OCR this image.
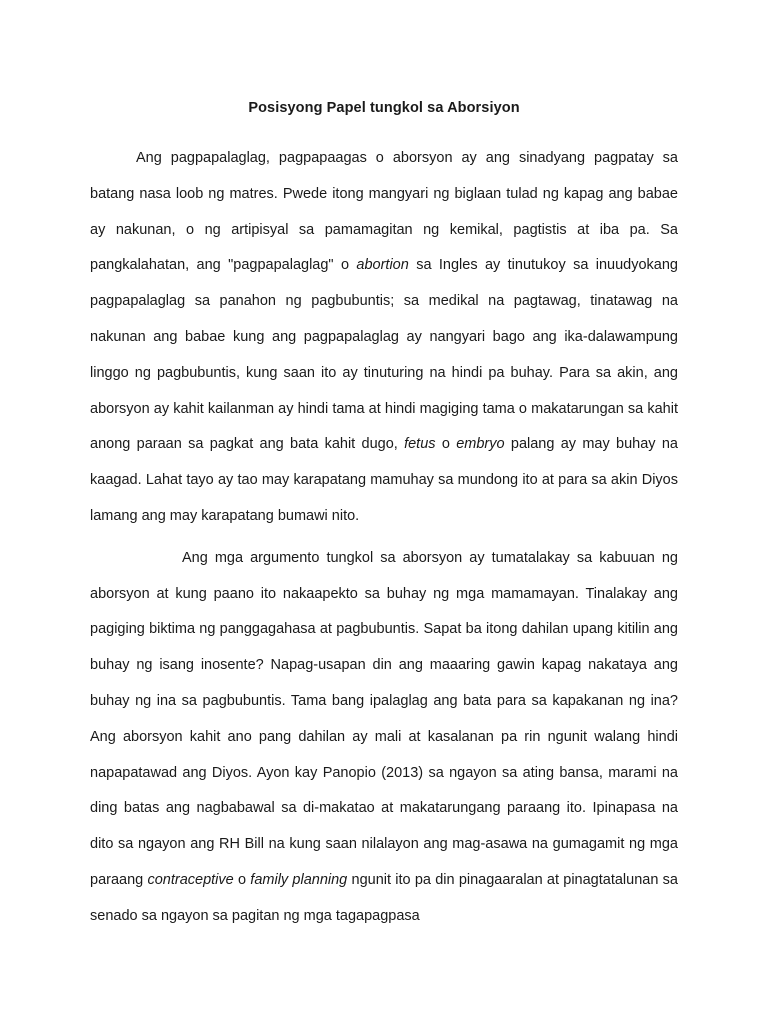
Posisyong Papel tungkol sa Aborsiyon

Ang pagpapalaglag, pagpapaagas o aborsyon ay ang sinadyang pagpatay sa batang nasa loob ng matres. Pwede itong mangyari ng biglaan tulad ng kapag ang babae ay nakunan, o ng artipisyal sa pamamagitan ng kemikal, pagtistis at iba pa. Sa pangkalahatan, ang "pagpapalaglag" o abortion sa Ingles ay tinutukoy sa inuudyokang pagpapalaglag sa panahon ng pagbubuntis; sa medikal na pagtawag, tinatawag na nakunan ang babae kung ang pagpapalaglag ay nangyari bago ang ika-dalawampung linggo ng pagbubuntis, kung saan ito ay tinuturing na hindi pa buhay. Para sa akin, ang aborsyon ay kahit kailanman ay hindi tama at hindi magiging tama o makatarungan sa kahit anong paraan sa pagkat ang bata kahit dugo, fetus o embryo palang ay may buhay na kaagad. Lahat tayo ay tao may karapatang mamuhay sa mundong ito at para sa akin Diyos lamang ang may karapatang bumawi nito.

Ang mga argumento tungkol sa aborsyon ay tumatalakay sa kabuuan ng aborsyon at kung paano ito nakaapekto sa buhay ng mga mamamayan. Tinalakay ang pagiging biktima ng panggagahasa at pagbubuntis. Sapat ba itong dahilan upang kitilin ang buhay ng isang inosente? Napag-usapan din ang maaaring gawin kapag nakataya ang buhay ng ina sa pagbubuntis. Tama bang ipalaglag ang bata para sa kapakanan ng ina? Ang aborsyon kahit ano pang dahilan ay mali at kasalanan pa rin ngunit walang hindi napapatawad ang Diyos. Ayon kay Panopio (2013) sa ngayon sa ating bansa, marami na ding batas ang nagbabawal sa di-makatao at makatarungang paraang ito. Ipinapasa na dito sa ngayon ang RH Bill na kung saan nilalayon ang mag-asawa na gumagamit ng mga paraang contraceptive o family planning ngunit ito pa din pinagaaralan at pinagtatalunan sa senado sa ngayon sa pagitan ng mga tagapagpasa
